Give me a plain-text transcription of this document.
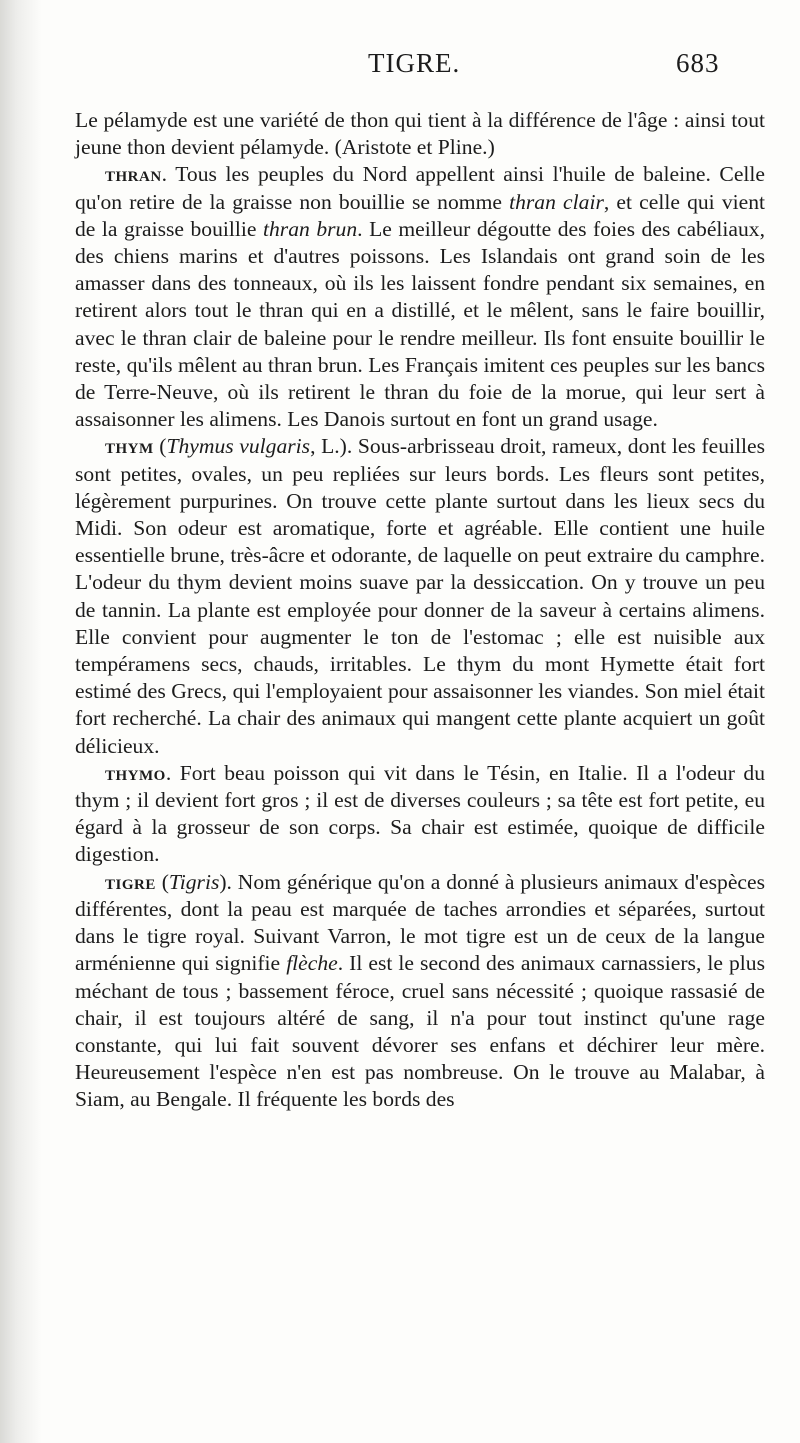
TIGRE.	683

Le pélamyde est une variété de thon qui tient à la différence de l'âge : ainsi tout jeune thon devient pélamyde. (Aristote et Pline.)

thran. Tous les peuples du Nord appellent ainsi l'huile de baleine. Celle qu'on retire de la graisse non bouillie se nomme thran clair, et celle qui vient de la graisse bouillie thran brun. Le meilleur dégoutte des foies des cabéliaux, des chiens marins et d'autres poissons. Les Islandais ont grand soin de les amasser dans des tonneaux, où ils les laissent fondre pendant six semaines, en retirent alors tout le thran qui en a distillé, et le mêlent, sans le faire bouillir, avec le thran clair de baleine pour le rendre meilleur. Ils font ensuite bouillir le reste, qu'ils mêlent au thran brun. Les Français imitent ces peuples sur les bancs de Terre-Neuve, où ils retirent le thran du foie de la morue, qui leur sert à assaisonner les alimens. Les Danois surtout en font un grand usage.

thym (Thymus vulgaris, L.). Sous-arbrisseau droit, rameux, dont les feuilles sont petites, ovales, un peu repliées sur leurs bords. Les fleurs sont petites, légèrement purpurines. On trouve cette plante surtout dans les lieux secs du Midi. Son odeur est aromatique, forte et agréable. Elle contient une huile essentielle brune, très-âcre et odorante, de laquelle on peut extraire du camphre. L'odeur du thym devient moins suave par la dessiccation. On y trouve un peu de tannin. La plante est employée pour donner de la saveur à certains alimens. Elle convient pour augmenter le ton de l'estomac ; elle est nuisible aux tempéramens secs, chauds, irritables. Le thym du mont Hymette était fort estimé des Grecs, qui l'employaient pour assaisonner les viandes. Son miel était fort recherché. La chair des animaux qui mangent cette plante acquiert un goût délicieux.

thymo. Fort beau poisson qui vit dans le Tésin, en Italie. Il a l'odeur du thym ; il devient fort gros ; il est de diverses couleurs ; sa tête est fort petite, eu égard à la grosseur de son corps. Sa chair est estimée, quoique de difficile digestion.

tigre (Tigris). Nom générique qu'on a donné à plusieurs animaux d'espèces différentes, dont la peau est marquée de taches arrondies et séparées, surtout dans le tigre royal. Suivant Varron, le mot tigre est un de ceux de la langue arménienne qui signifie flèche. Il est le second des animaux carnassiers, le plus méchant de tous ; bassement féroce, cruel sans nécessité ; quoique rassasié de chair, il est toujours altéré de sang, il n'a pour tout instinct qu'une rage constante, qui lui fait souvent dévorer ses enfans et déchirer leur mère. Heureusement l'espèce n'en est pas nombreuse. On le trouve au Malabar, à Siam, au Bengale. Il fréquente les bords des
